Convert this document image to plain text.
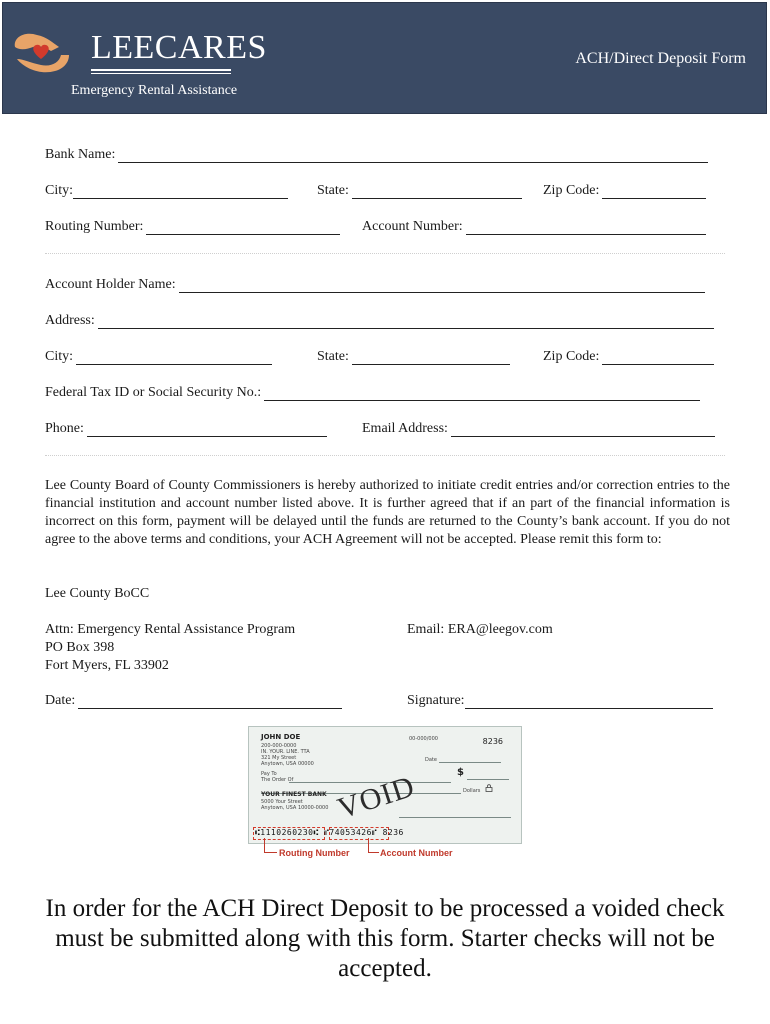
LEECARES
Emergency Rental Assistance
ACH/Direct Deposit Form
Bank Name:
City:	State:	Zip Code:
Routing Number:	Account Number:
Account Holder Name:
Address:
City:	State:	Zip Code:
Federal Tax ID or Social Security No.:
Phone:	Email Address:
Lee County Board of County Commissioners is hereby authorized to initiate credit entries and/or correction entries to the financial institution and account number listed above. It is further agreed that if an part of the financial information is incorrect on this form, payment will be delayed until the funds are returned to the County’s bank account. If you do not agree to the above terms and conditions, your ACH Agreement will not be accepted. Please remit this form to:
Lee County BoCC
Attn: Emergency Rental Assistance Program
PO Box 398
Fort Myers, FL 33902
Email: ERA@leegov.com
Date:	Signature:
JOHN DOE
200-000-0000
IN. YOUR. LINE. TTA
321 My Street
Anytown, USA 00000
00-000/000	8236
Date
Pay To
The Order Of
$
Dollars
YOUR FINEST BANK
5000 Your Street
Anytown, USA 10000-0000 VOID
⑆1110260230⑆ ⑈74053426⑈ 8236
Routing Number	Account Number
In order for the ACH Direct Deposit to be processed a voided check must be submitted along with this form. Starter checks will not be accepted.
